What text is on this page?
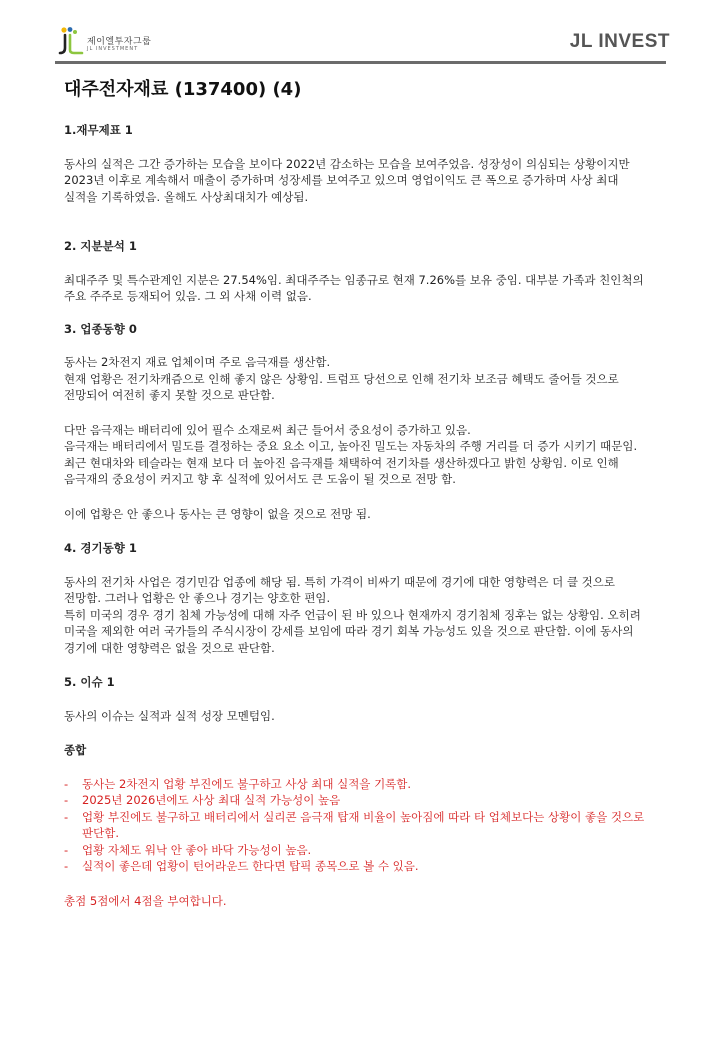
제이엘투자그룹
JL INVESTMENT	JL INVEST
대주전자재료 (137400) (4)
1.재무제표 1

동사의 실적은 그간 증가하는 모습을 보이다 2022년 감소하는 모습을 보여주었음. 성장성이 의심되는 상황이지만 2023년 이후로 계속해서 매출이 증가하며 성장세를 보여주고 있으며 영업이익도 큰 폭으로 증가하며 사상 최대 실적을 기록하였음. 올해도 사상최대치가 예상됨.

2. 지분분석 1

최대주주 및 특수관계인 지분은 27.54%임. 최대주주는 임종규로 현재 7.26%를 보유 중임. 대부분 가족과 친인척의 주요 주주로 등재되어 있음. 그 외 사채 이력 없음.

3. 업종동향 0

동사는 2차전지 재료 업체이며 주로 음극재를 생산함.

현재 업황은 전기차캐즘으로 인해 좋지 않은 상황임. 트럼프 당선으로 인해 전기차 보조금 혜택도 줄어들 것으로 전망되어 여전히 좋지 못할 것으로 판단함.

다만 음극재는 배터리에 있어 필수 소재로써 최근 들어서 중요성이 증가하고 있음.

음극재는 배터리에서 밀도를 결정하는 중요 요소 이고, 높아진 밀도는 자동차의 주행 거리를 더 증가 시키기 때문임. 최근 현대차와 테슬라는 현재 보다 더 높아진 음극재를 채택하여 전기차를 생산하겠다고 밝힌 상황임. 이로 인해 음극재의 중요성이 커지고 향 후 실적에 있어서도 큰 도움이 될 것으로 전망 함.

이에 업황은 안 좋으나 동사는 큰 영향이 없을 것으로 전망 됨.

4. 경기동향 1

동사의 전기차 사업은 경기민감 업종에 해당 됨. 특히 가격이 비싸기 때문에 경기에 대한 영향력은 더 클 것으로 전망함. 그러나 업황은 안 좋으나 경기는 양호한 편임.

특히 미국의 경우 경기 침체 가능성에 대해 자주 언급이 된 바 있으나 현재까지 경기침체 징후는 없는 상황임. 오히려 미국을 제외한 여러 국가들의 주식시장이 강세를 보임에 따라 경기 회복 가능성도 있을 것으로 판단함. 이에 동사의 경기에 대한 영향력은 없을 것으로 판단함.

5. 이슈 1

동사의 이슈는 실적과 실적 성장 모멘텀임.

종합
- 동사는 2차전지 업황 부진에도 불구하고 사상 최대 실적을 기록함.
- 2025년 2026년에도 사상 최대 실적 가능성이 높음
- 업황 부진에도 불구하고 배터리에서 실리콘 음극재 탑재 비율이 높아짐에 따라 타 업체보다는 상황이 좋을 것으로 판단함.
- 업황 자체도 워낙 안 좋아 바닥 가능성이 높음.
- 실적이 좋은데 업황이 턴어라운드 한다면 탑픽 종목으로 볼 수 있음.

총점 5점에서 4점을 부여합니다.
